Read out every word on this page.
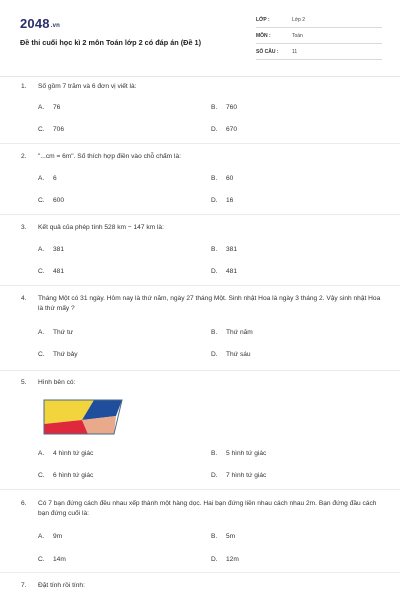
2048.vn
Đề thi cuối học kì 2 môn Toán lớp 2 có đáp án (Đề 1)
LỚP :	Lớp 2
MÔN :	Toán
SỐ CÂU :	11
1. Số gồm 7 trăm và 6 đơn vị viết là:
A. 76	B. 760
C. 706	D. 670
2. "...cm = 6m". Số thích hợp điền vào chỗ chấm là:
A. 6	B. 60
C. 600	D. 16
3. Kết quả của phép tính 528 km − 147 km là:
A. 381	B. 381
C. 481	D. 481
4. Tháng Một có 31 ngày. Hôm nay là thứ năm, ngày 27 tháng Một. Sinh nhật Hoa là ngày 3 tháng 2. Vậy sinh nhật Hoa là thứ mấy ?
A. Thứ tư	B. Thứ năm
C. Thứ bảy	D. Thứ sáu
5. Hình bên có:
A. 4 hình tứ giác	B. 5 hình tứ giác
C. 6 hình tứ giác	D. 7 hình tứ giác
6. Có 7 bạn đứng cách đều nhau xếp thành một hàng dọc. Hai bạn đứng liền nhau cách nhau 2m. Bạn đứng đầu cách bạn đứng cuối là:
A. 9m	B. 5m
C. 14m	D. 12m
7. Đặt tính rồi tính:
